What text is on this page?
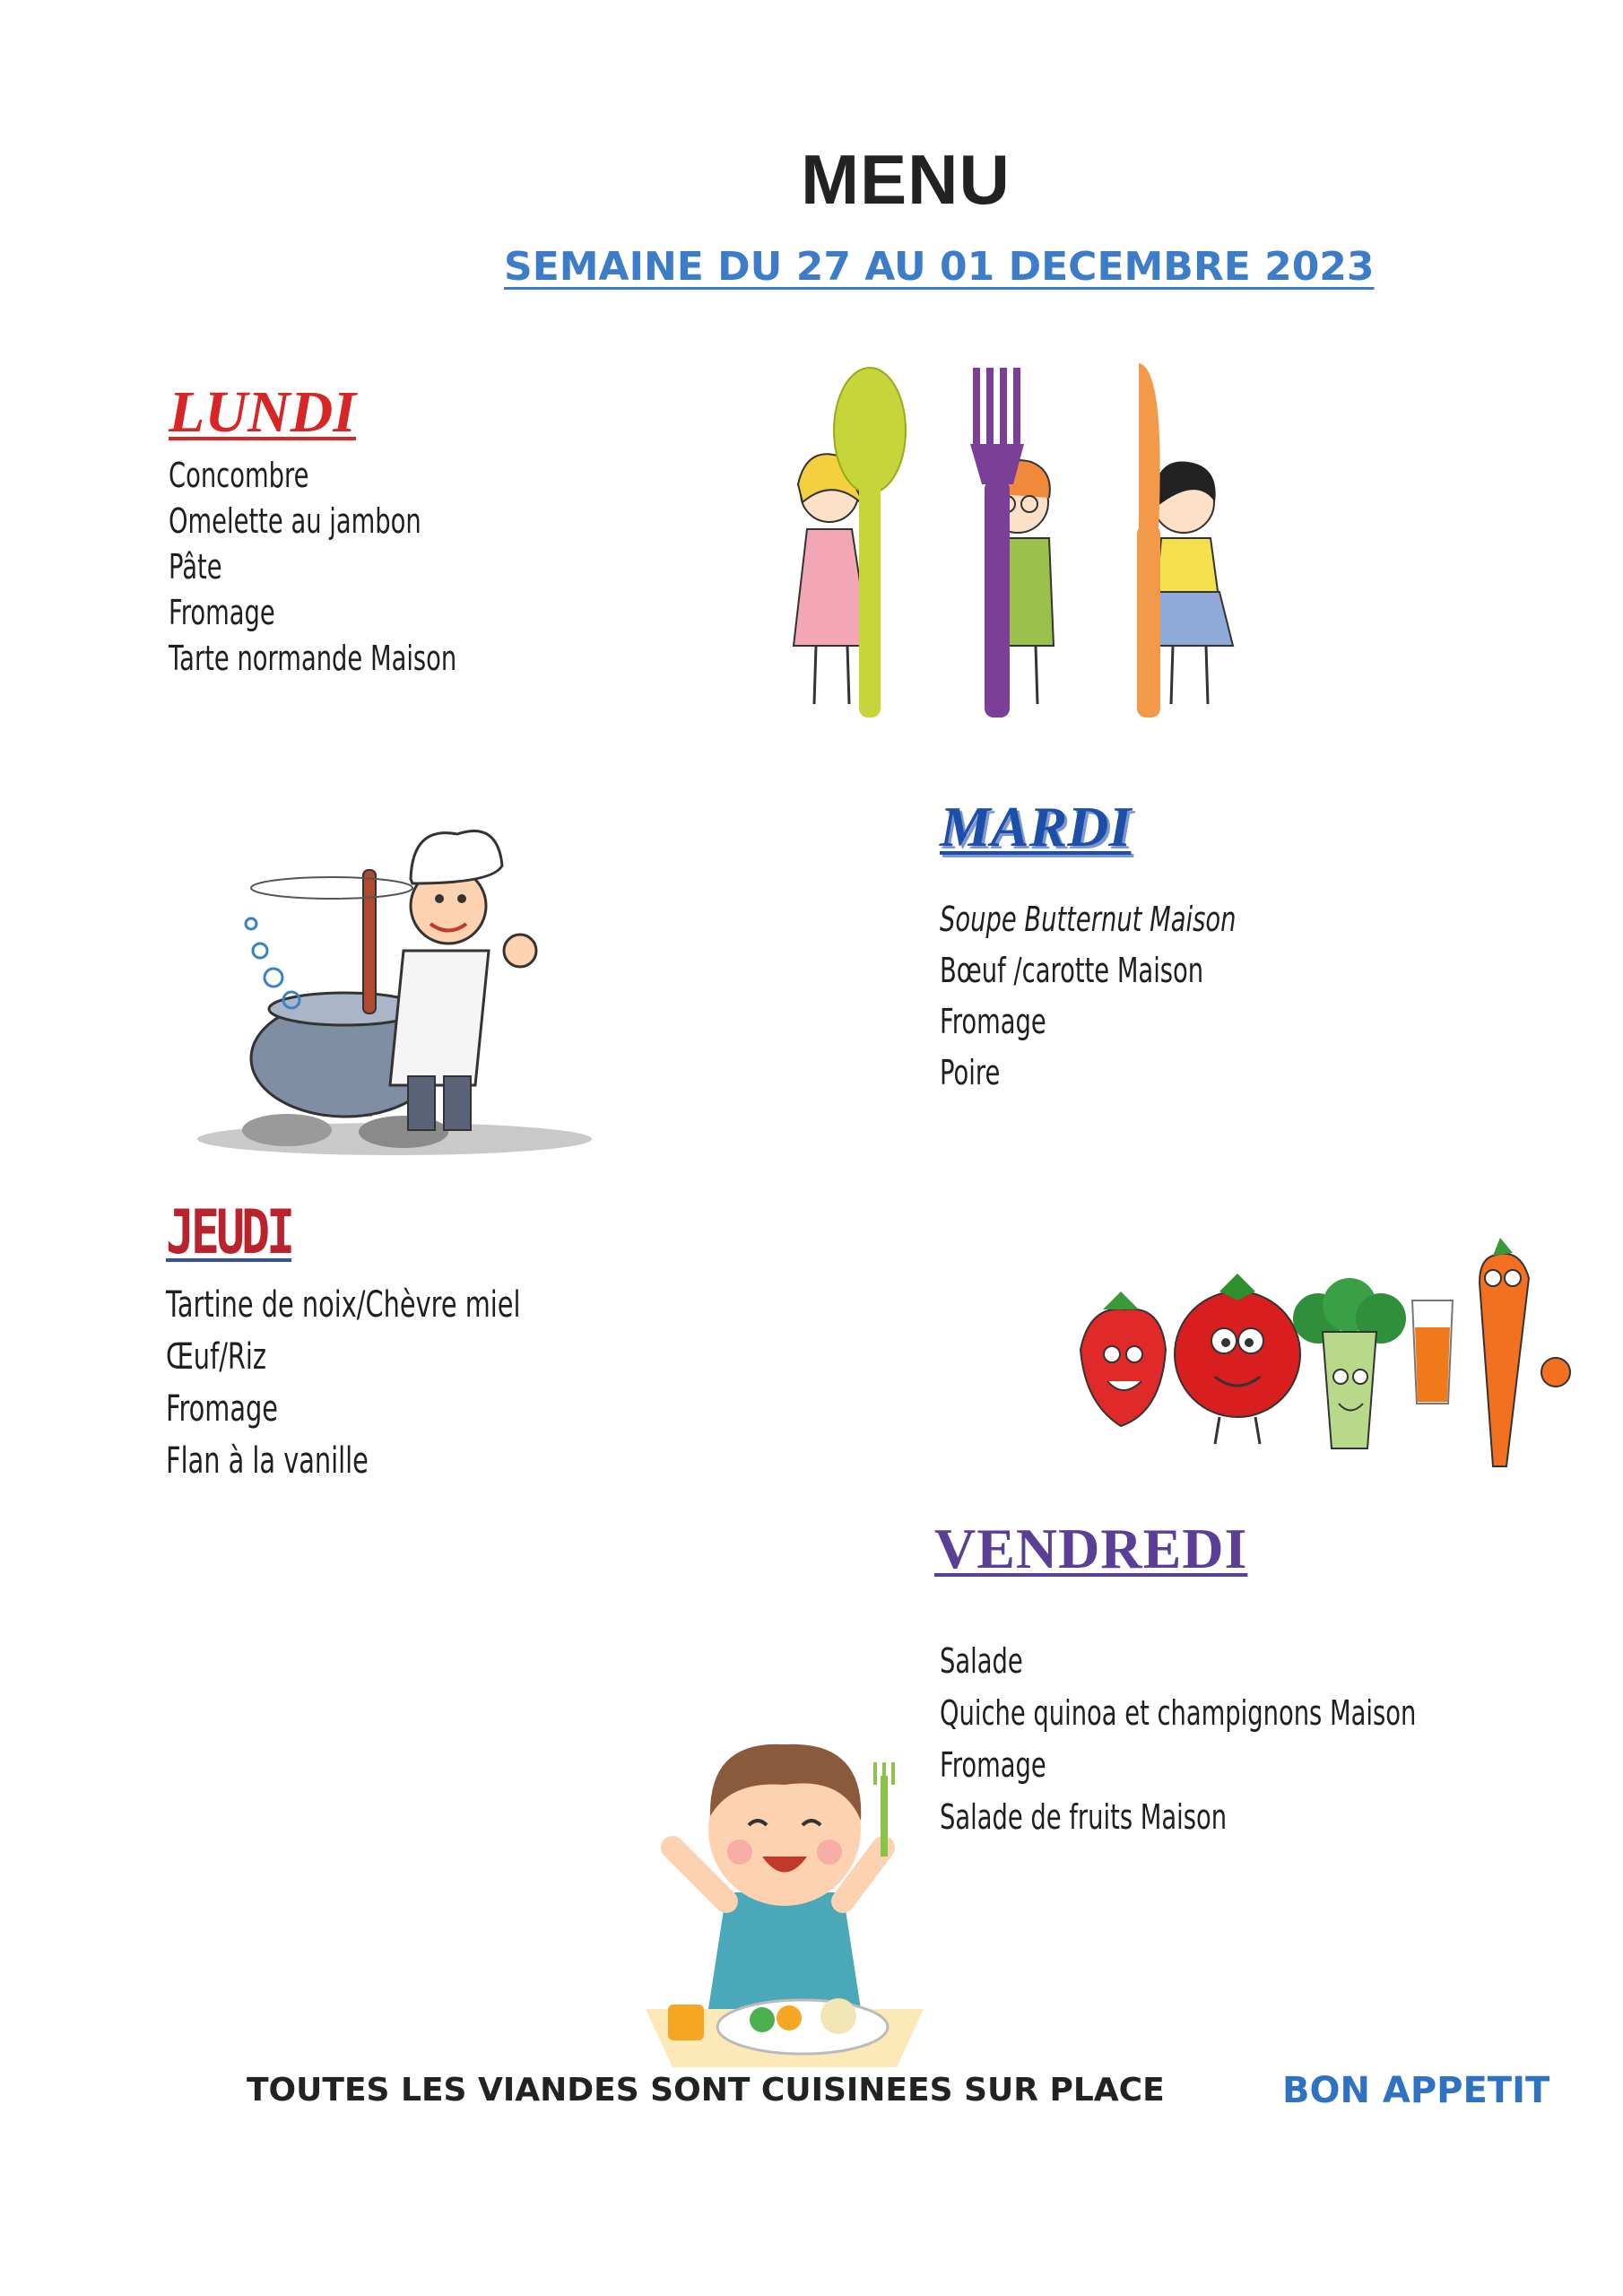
MENU
SEMAINE DU 27 AU 01 DECEMBRE 2023
LUNDI
Concombre
Omelette au jambon
Pâte
Fromage
Tarte normande Maison
MARDI
Soupe Butternut Maison
Bœuf /carotte Maison
Fromage
Poire
JEUDI
Tartine de noix/Chèvre miel
Œuf/Riz
Fromage
Flan à la vanille
VENDREDI
Salade
Quiche quinoa et champignons Maison
Fromage
Salade de fruits Maison
TOUTES LES VIANDES SONT CUISINEES SUR PLACE	BON APPETIT
